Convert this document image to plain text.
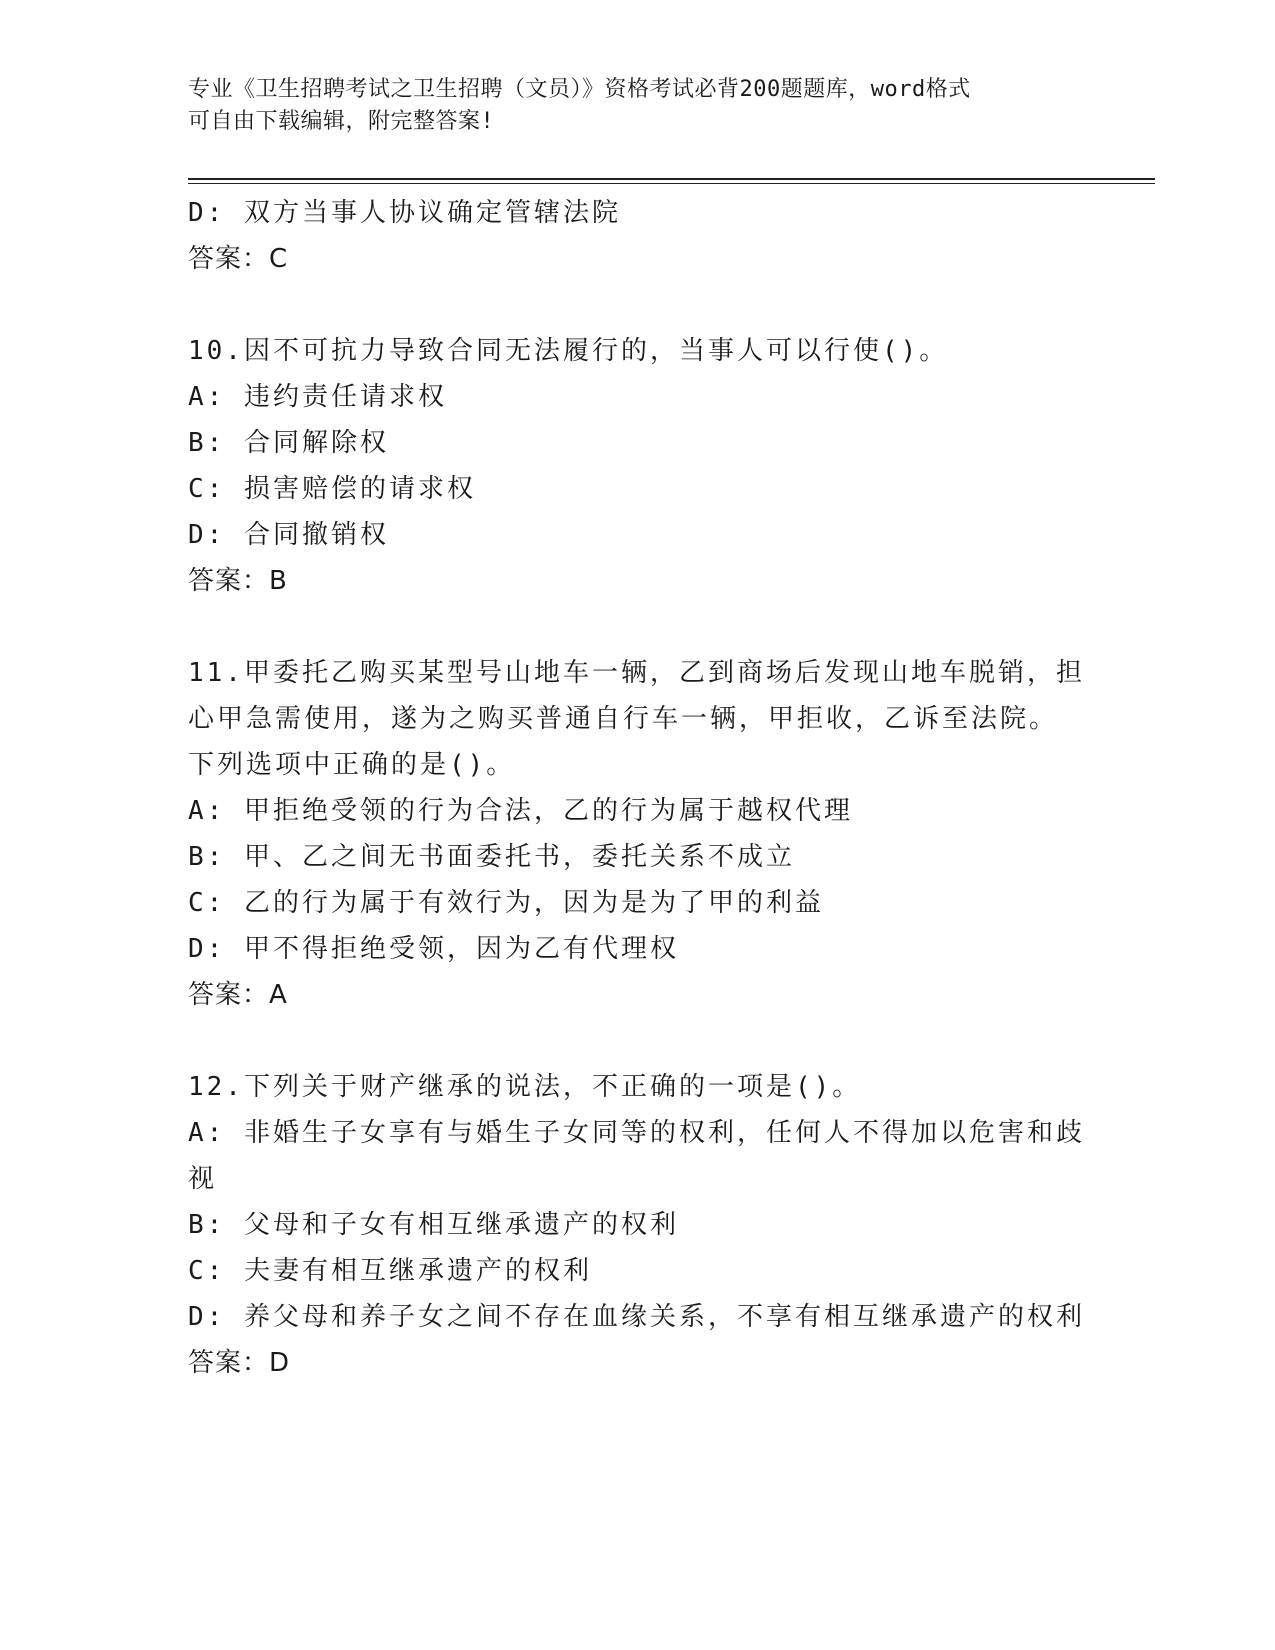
专业《卫生招聘考试之卫生招聘（文员）》资格考试必背200题题库，word格式
可自由下载编辑，附完整答案!
D: 双方当事人协议确定管辖法院
答案：C
10.因不可抗力导致合同无法履行的，当事人可以行使()。
A: 违约责任请求权
B: 合同解除权
C: 损害赔偿的请求权
D: 合同撤销权
答案：B
11.甲委托乙购买某型号山地车一辆，乙到商场后发现山地车脱销，担
心甲急需使用，遂为之购买普通自行车一辆，甲拒收，乙诉至法院。
下列选项中正确的是()。
A: 甲拒绝受领的行为合法，乙的行为属于越权代理
B: 甲、乙之间无书面委托书，委托关系不成立
C: 乙的行为属于有效行为，因为是为了甲的利益
D: 甲不得拒绝受领，因为乙有代理权
答案：A
12.下列关于财产继承的说法，不正确的一项是()。
A: 非婚生子女享有与婚生子女同等的权利，任何人不得加以危害和歧
视
B: 父母和子女有相互继承遗产的权利
C: 夫妻有相互继承遗产的权利
D: 养父母和养子女之间不存在血缘关系，不享有相互继承遗产的权利
答案：D
